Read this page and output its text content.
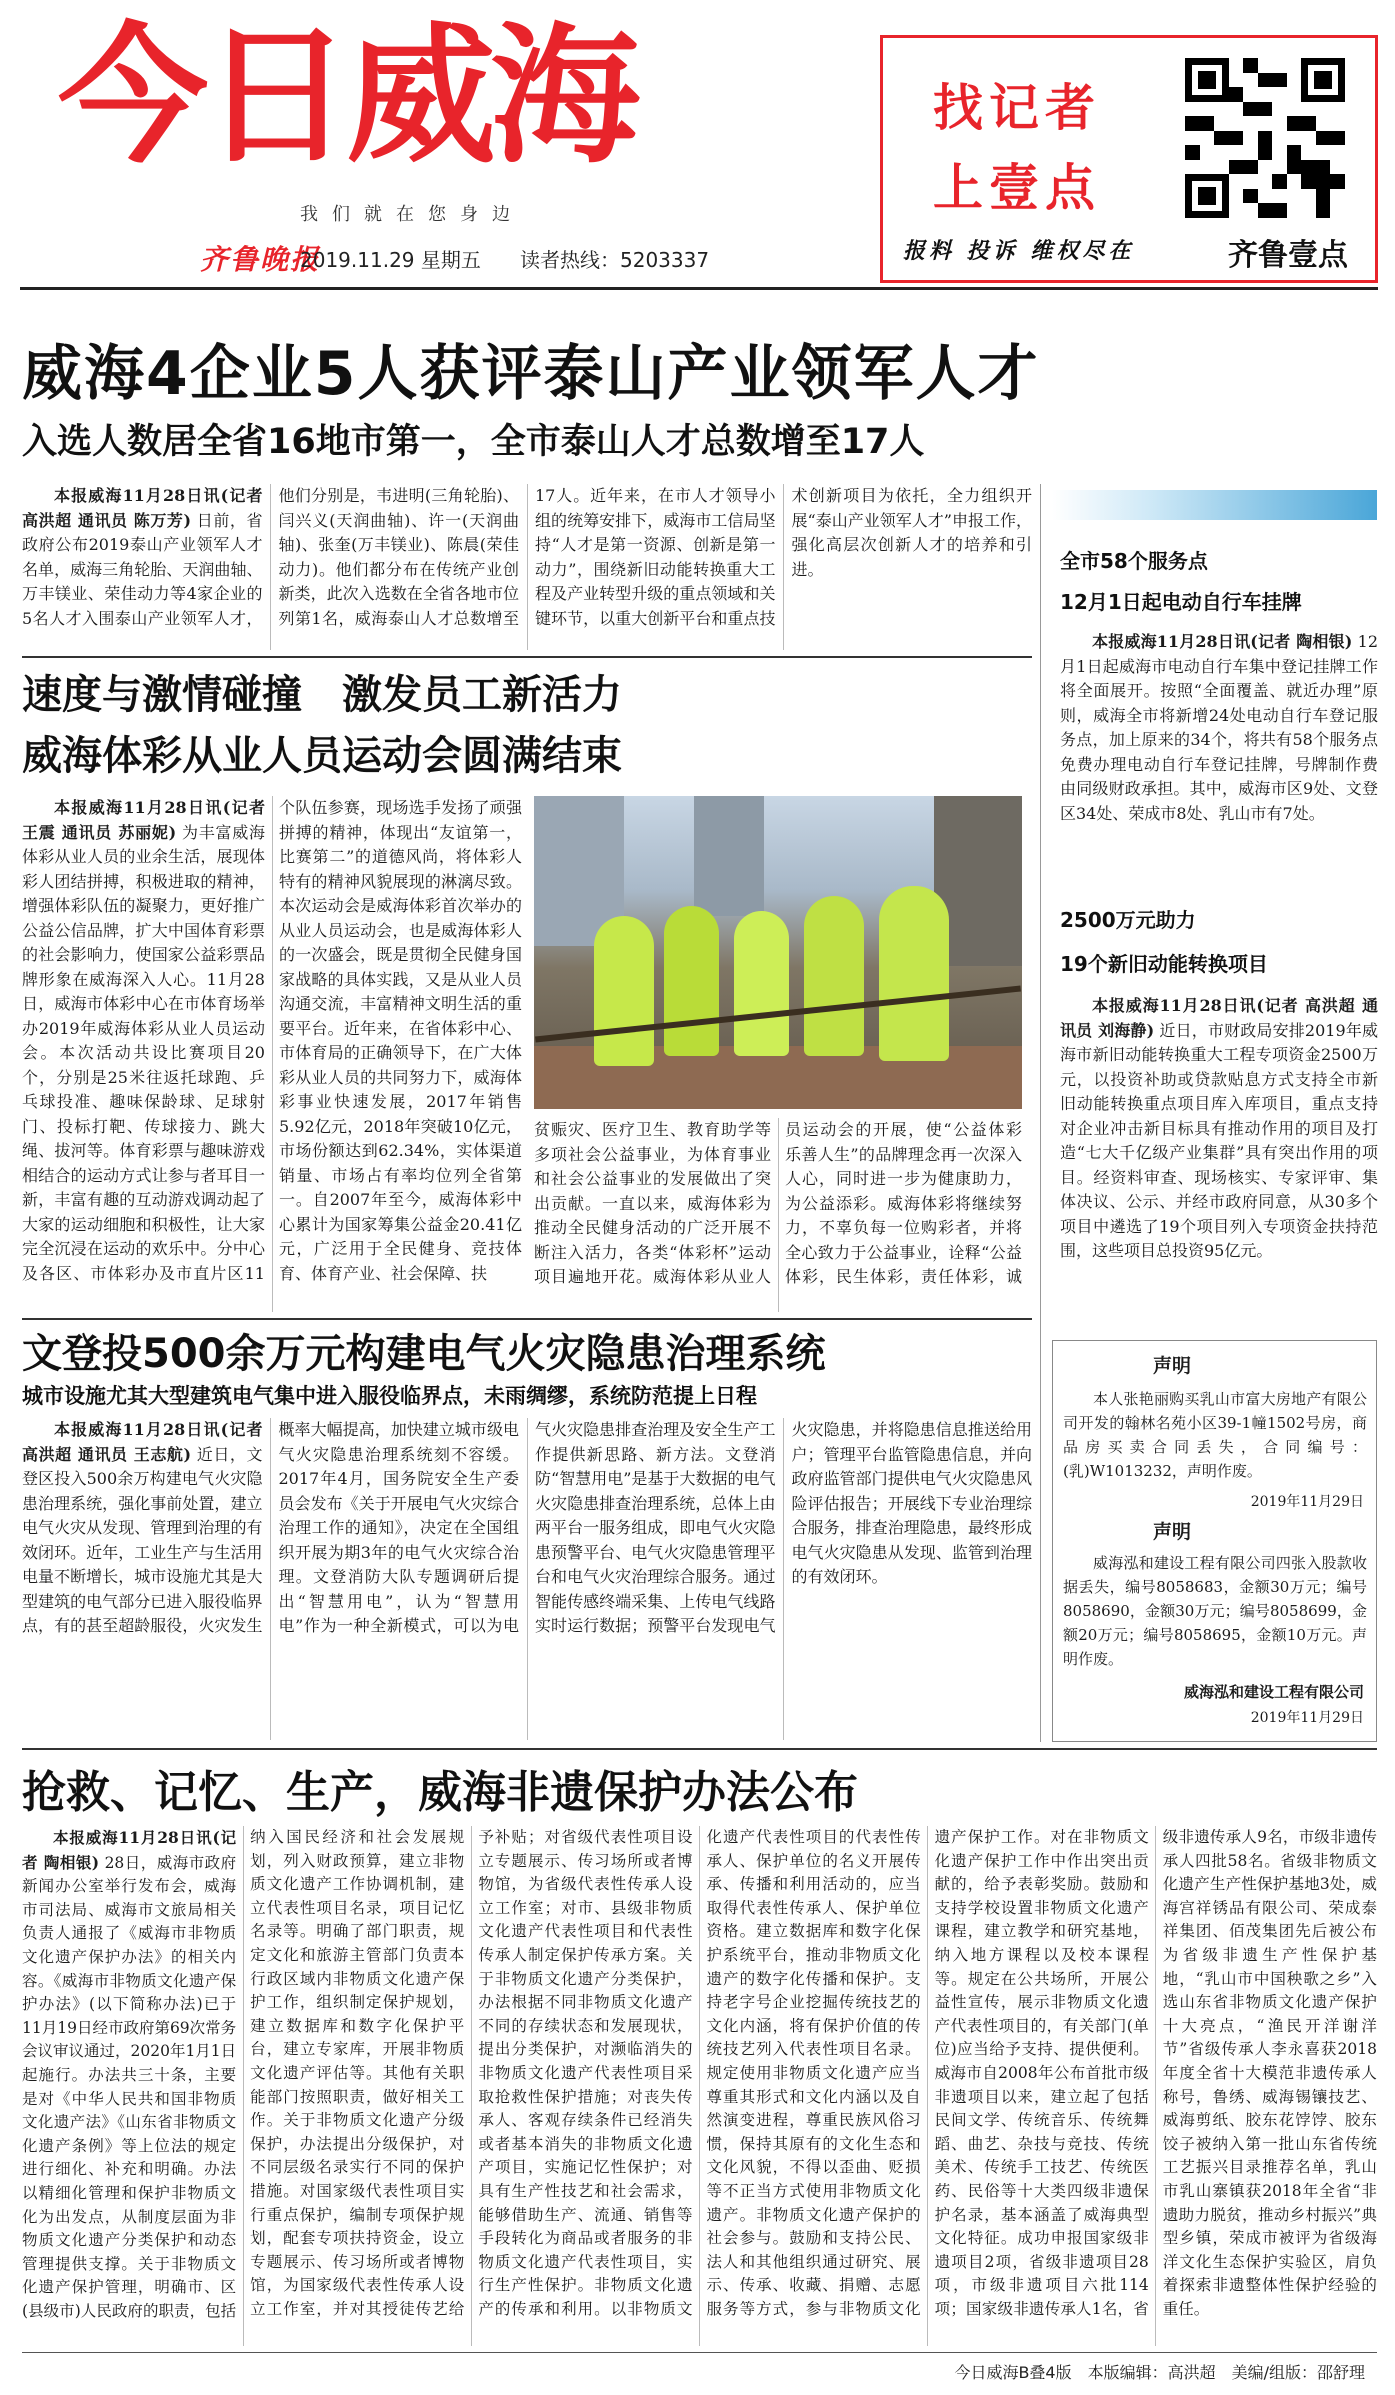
今日威海
我们就在您身边
齐鲁晚报
2019.11.29 星期五 读者热线：5203337
找记者
上壹点
报料 投诉 维权尽在	齐鲁壹点
威海4企业5人获评泰山产业领军人才
入选人数居全省16地市第一，全市泰山人才总数增至17人

本报威海11月28日讯(记者 高洪超 通讯员 陈万芳) 日前，省政府公布2019泰山产业领军人才名单，威海三角轮胎、天润曲轴、万丰镁业、荣佳动力等4家企业的5名人才入围泰山产业领军人才，他们分别是，韦进明(三角轮胎)、闫兴义(天润曲轴)、许一(天润曲轴)、张奎(万丰镁业)、陈晨(荣佳动力)。他们都分布在传统产业创新类，此次入选数在全省各地市位列第1名，威海泰山人才总数增至17人。近年来，在市人才领导小组的统筹安排下，威海市工信局坚持“人才是第一资源、创新是第一动力”，围绕新旧动能转换重大工程及产业转型升级的重点领域和关键环节，以重大创新平台和重点技术创新项目为依托，全力组织开展“泰山产业领军人才”申报工作，强化高层次创新人才的培养和引进。

速度与激情碰撞　激发员工新活力
威海体彩从业人员运动会圆满结束

本报威海11月28日讯(记者 王震 通讯员 苏丽妮) 为丰富威海体彩从业人员的业余生活，展现体彩人团结拼搏，积极进取的精神，增强体彩队伍的凝聚力，更好推广公益公信品牌，扩大中国体育彩票的社会影响力，使国家公益彩票品牌形象在威海深入人心。11月28日，威海市体彩中心在市体育场举办2019年威海体彩从业人员运动会。本次活动共设比赛项目20个，分别是25米往返托球跑、乒乓球投准、趣味保龄球、足球射门、投标打靶、传球接力、跳大绳、拔河等。体育彩票与趣味游戏相结合的运动方式让参与者耳目一新，丰富有趣的互动游戏调动起了大家的运动细胞和积极性，让大家完全沉浸在运动的欢乐中。分中心及各区、市体彩办及市直片区11个队伍参赛，现场选手发扬了顽强拼搏的精神，体现出“友谊第一，比赛第二”的道德风尚，将体彩人特有的精神风貌展现的淋漓尽致。本次运动会是威海体彩首次举办的从业人员运动会，也是威海体彩人的一次盛会，既是贯彻全民健身国家战略的具体实践，又是从业人员沟通交流，丰富精神文明生活的重要平台。近年来，在省体彩中心、市体育局的正确领导下，在广大体彩从业人员的共同努力下，威海体彩事业快速发展，2017年销售5.92亿元，2018年突破10亿元，市场份额达到62.34%，实体渠道销量、市场占有率均位列全省第一。自2007年至今，威海体彩中心累计为国家筹集公益金20.41亿元，广泛用于全民健身、竞技体育、体育产业、社会保障、扶

贫赈灾、医疗卫生、教育助学等多项社会公益事业，为体育事业和社会公益事业的发展做出了突出贡献。一直以来，威海体彩为推动全民健身活动的广泛开展不断注入活力，各类“体彩杯”运动项目遍地开花。威海体彩从业人员运动会的开展，使“公益体彩 乐善人生”的品牌理念再一次深入人心，同时进一步为健康助力，为公益添彩。威海体彩将继续努力，不辜负每一位购彩者，并将全心致力于公益事业，诠释“公益体彩，民生体彩，责任体彩，诚

文登投500余万元构建电气火灾隐患治理系统
城市设施尤其大型建筑电气集中进入服役临界点，未雨绸缪，系统防范提上日程

本报威海11月28日讯(记者 高洪超 通讯员 王志航) 近日，文登区投入500余万构建电气火灾隐患治理系统，强化事前处置，建立电气火灾从发现、管理到治理的有效闭环。近年，工业生产与生活用电量不断增长，城市设施尤其是大型建筑的电气部分已进入服役临界点，有的甚至超龄服役，火灾发生概率大幅提高，加快建立城市级电气火灾隐患治理系统刻不容缓。2017年4月，国务院安全生产委员会发布《关于开展电气火灾综合治理工作的通知》，决定在全国组织开展为期3年的电气火灾综合治理。文登消防大队专题调研后提出“智慧用电”，认为“智慧用电”作为一种全新模式，可以为电气火灾隐患排查治理及安全生产工作提供新思路、新方法。文登消防“智慧用电”是基于大数据的电气火灾隐患排查治理系统，总体上由两平台一服务组成，即电气火灾隐患预警平台、电气火灾隐患管理平台和电气火灾治理综合服务。通过智能传感终端采集、上传电气线路实时运行数据；预警平台发现电气火灾隐患，并将隐患信息推送给用户；管理平台监管隐患信息，并向政府监管部门提供电气火灾隐患风险评估报告；开展线下专业治理综合服务，排查治理隐患，最终形成电气火灾隐患从发现、监管到治理的有效闭环。

抢救、记忆、生产，威海非遗保护办法公布

本报威海11月28日讯(记者 陶相银) 28日，威海市政府新闻办公室举行发布会，威海市司法局、威海市文旅局相关负责人通报了《威海市非物质文化遗产保护办法》的相关内容。《威海市非物质文化遗产保护办法》(以下简称办法)已于11月19日经市政府第69次常务会议审议通过，2020年1月1日起施行。办法共三十条，主要是对《中华人民共和国非物质文化遗产法》《山东省非物质文化遗产条例》等上位法的规定进行细化、补充和明确。办法以精细化管理和保护非物质文化为出发点，从制度层面为非物质文化遗产分类保护和动态管理提供支撑。关于非物质文化遗产保护管理，明确市、区(县级市)人民政府的职责，包括纳入国民经济和社会发展规划，列入财政预算，建立非物质文化遗产工作协调机制，建立代表性项目名录，项目记忆名录等。明确了部门职责，规定文化和旅游主管部门负责本行政区域内非物质文化遗产保护工作，组织制定保护规划，建立数据库和数字化保护平台，建立专家库，开展非物质文化遗产评估等。其他有关职能部门按照职责，做好相关工作。关于非物质文化遗产分级保护，办法提出分级保护，对不同层级名录实行不同的保护措施。对国家级代表性项目实行重点保护，编制专项保护规划，配套专项扶持资金，设立专题展示、传习场所或者博物馆，为国家级代表性传承人设立工作室，并对其授徒传艺给予补贴；对省级代表性项目设立专题展示、传习场所或者博物馆，为省级代表性传承人设立工作室；对市、县级非物质文化遗产代表性项目和代表性传承人制定保护传承方案。关于非物质文化遗产分类保护，办法根据不同非物质文化遗产不同的存续状态和发展现状，提出分类保护，对濒临消失的非物质文化遗产代表性项目采取抢救性保护措施；对丧失传承人、客观存续条件已经消失或者基本消失的非物质文化遗产项目，实施记忆性保护；对具有生产性技艺和社会需求，能够借助生产、流通、销售等手段转化为商品或者服务的非物质文化遗产代表性项目，实行生产性保护。非物质文化遗产的传承和利用。以非物质文化遗产代表性项目的代表性传承人、保护单位的名义开展传承、传播和利用活动的，应当取得代表性传承人、保护单位资格。建立数据库和数字化保护系统平台，推动非物质文化遗产的数字化传播和保护。支持老字号企业挖掘传统技艺的文化内涵，将有保护价值的传统技艺列入代表性项目名录。规定使用非物质文化遗产应当尊重其形式和文化内涵以及自然演变进程，尊重民族风俗习惯，保持其原有的文化生态和文化风貌，不得以歪曲、贬损等不正当方式使用非物质文化遗产。非物质文化遗产保护的社会参与。鼓励和支持公民、法人和其他组织通过研究、展示、传承、收藏、捐赠、志愿服务等方式，参与非物质文化遗产保护工作。对在非物质文化遗产保护工作中作出突出贡献的，给予表彰奖励。鼓励和支持学校设置非物质文化遗产课程，建立教学和研究基地，纳入地方课程以及校本课程等。规定在公共场所，开展公益性宣传，展示非物质文化遗产代表性项目的，有关部门(单位)应当给予支持、提供便利。威海市自2008年公布首批市级非遗项目以来，建立起了包括民间文学、传统音乐、传统舞蹈、曲艺、杂技与竞技、传统美术、传统手工技艺、传统医药、民俗等十大类四级非遗保护名录，基本涵盖了威海典型文化特征。成功申报国家级非遗项目2项，省级非遗项目28项，市级非遗项目六批114项；国家级非遗传承人1名，省级非遗传承人9名，市级非遗传承人四批58名。省级非物质文化遗产生产性保护基地3处，威海宫祥锈品有限公司、荣成泰祥集团、佰茂集团先后被公布为省级非遗生产性保护基地，“乳山市中国秧歌之乡”入选山东省非物质文化遗产保护十大亮点，“渔民开洋谢洋节”省级传承人李永喜获2018年度全省十大模范非遗传承人称号，鲁绣、威海锡镶技艺、威海剪纸、胶东花饽饽、胶东饺子被纳入第一批山东省传统工艺振兴目录推荐名单，乳山市乳山寨镇获2018年全省“非遗助力脱贫，推动乡村振兴”典型乡镇，荣成市被评为省级海洋文化生态保护实验区，肩负着探索非遗整体性保护经验的重任。

全市58个服务点
12月1日起电动自行车挂牌

本报威海11月28日讯(记者 陶相银) 12月1日起威海市电动自行车集中登记挂牌工作将全面展开。按照“全面覆盖、就近办理”原则，威海全市将新增24处电动自行车登记服务点，加上原来的34个，将共有58个服务点免费办理电动自行车登记挂牌，号牌制作费由同级财政承担。其中，威海市区9处、文登区34处、荣成市8处、乳山市有7处。

2500万元助力
19个新旧动能转换项目

本报威海11月28日讯(记者 高洪超 通讯员 刘海静) 近日，市财政局安排2019年威海市新旧动能转换重大工程专项资金2500万元，以投资补助或贷款贴息方式支持全市新旧动能转换重点项目库入库项目，重点支持对企业冲击新目标具有推动作用的项目及打造“七大千亿级产业集群”具有突出作用的项目。经资料审查、现场核实、专家评审、集体决议、公示、并经市政府同意，从30多个项目中遴选了19个项目列入专项资金扶持范围，这些项目总投资95亿元。

声明
本人张艳丽购买乳山市富大房地产有限公司开发的翰林名苑小区39-1幢1502号房，商品房买卖合同丢失，合同编号：(乳)W1013232，声明作废。
2019年11月29日
声明
威海泓和建设工程有限公司四张入股款收据丢失，编号8058683，金额30万元；编号8058690，金额30万元；编号8058699，金额20万元；编号8058695，金额10万元。声明作废。
威海泓和建设工程有限公司
2019年11月29日
今日威海B叠4版　本版编辑：高洪超　美编/组版：邵舒理
